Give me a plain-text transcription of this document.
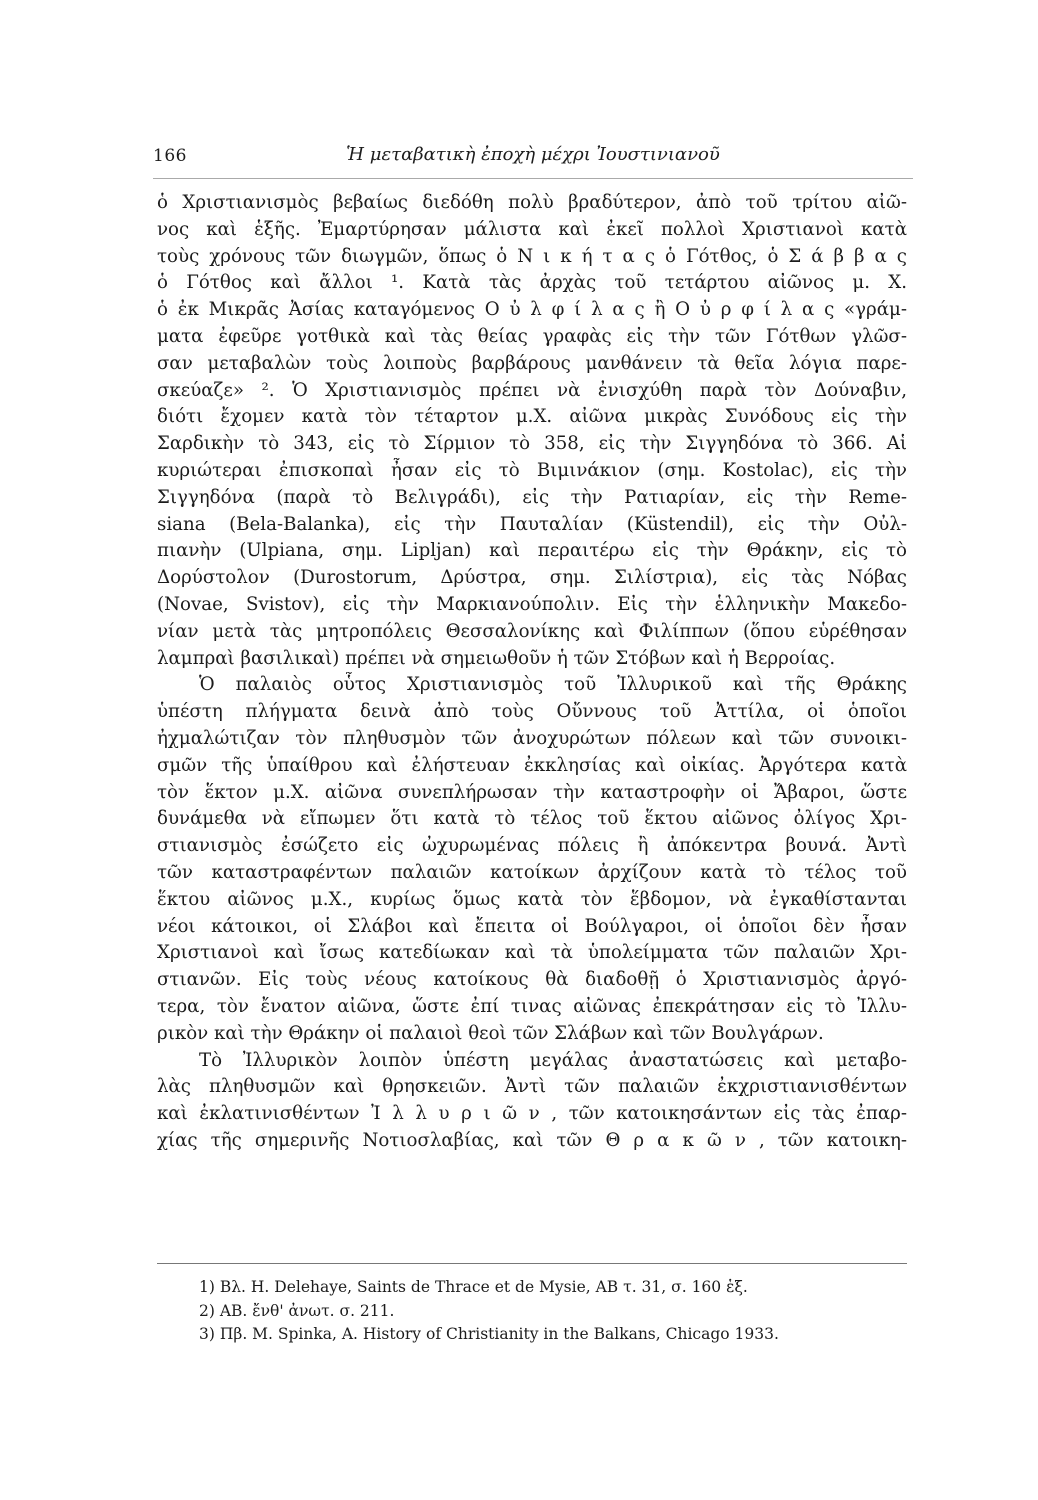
166	Ἡ μεταβατικὴ ἐποχὴ μέχρι Ἰουστινιανοῦ
ὁ Χριστιανισμὸς βεβαίως διεδόθη πολὺ βραδύτερον, ἀπὸ τοῦ τρίτου αἰῶ-
νος καὶ ἑξῆς. Ἐμαρτύρησαν μάλιστα καὶ ἐκεῖ πολλοὶ Χριστιανοὶ κατὰ
τοὺς χρόνους τῶν διωγμῶν, ὅπως ὁ Ν ι κ ή τ α ς ὁ Γότθος, ὁ Σ ά β β α ς
ὁ Γότθος καὶ ἄλλοι ¹. Κατὰ τὰς ἀρχὰς τοῦ τετάρτου αἰῶνος μ. Χ.
ὁ ἐκ Μικρᾶς Ἀσίας καταγόμενος Ο ὐ λ φ ί λ α ς ἢ Ο ὐ ρ φ ί λ α ς «γράμ-
ματα ἐφεῦρε γοτθικὰ καὶ τὰς θείας γραφὰς εἰς τὴν τῶν Γότθων γλῶσ-
σαν μεταβαλὼν τοὺς λοιποὺς βαρβάρους μανθάνειν τὰ θεῖα λόγια παρε-
σκεύαζε» ². Ὁ Χριστιανισμὸς πρέπει νὰ ἐνισχύθη παρὰ τὸν Δούναβιν,
διότι ἔχομεν κατὰ τὸν τέταρτον μ.Χ. αἰῶνα μικρὰς Συνόδους εἰς τὴν
Σαρδικὴν τὸ 343, εἰς τὸ Σίρμιον τὸ 358, εἰς τὴν Σιγγηδόνα τὸ 366. Αἱ
κυριώτεραι ἐπισκοπαὶ ἦσαν εἰς τὸ Βιμινάκιον (σημ. Kostolac), εἰς τὴν
Σιγγηδόνα (παρὰ τὸ Βελιγράδι), εἰς τὴν Ρατιαρίαν, εἰς τὴν Reme-
siana (Bela-Balanka), εἰς τὴν Παυταλίαν (Küstendil), εἰς τὴν Οὐλ-
πιανὴν (Ulpiana, σημ. Lipljan) καὶ περαιτέρω εἰς τὴν Θράκην, εἰς τὸ
Δορύστολον (Durostorum, Δρύστρα, σημ. Σιλίστρια), εἰς τὰς Νόβας
(Novae, Svistov), εἰς τὴν Μαρκιανούπολιν. Εἰς τὴν ἑλληνικὴν Μακεδο-
νίαν μετὰ τὰς μητροπόλεις Θεσσαλονίκης καὶ Φιλίππων (ὅπου εὑρέθησαν
λαμπραὶ βασιλικαὶ) πρέπει νὰ σημειωθοῦν ἡ τῶν Στόβων καὶ ἡ Βερροίας.
Ὁ παλαιὸς οὗτος Χριστιανισμὸς τοῦ Ἰλλυρικοῦ καὶ τῆς Θράκης
ὑπέστη πλήγματα δεινὰ ἀπὸ τοὺς Οὔννους τοῦ Ἀττίλα, οἱ ὁποῖοι
ἠχμαλώτιζαν τὸν πληθυσμὸν τῶν ἀνοχυρώτων πόλεων καὶ τῶν συνοικι-
σμῶν τῆς ὑπαίθρου καὶ ἐλήστευαν ἐκκλησίας καὶ οἰκίας. Ἀργότερα κατὰ
τὸν ἕκτον μ.Χ. αἰῶνα συνεπλήρωσαν τὴν καταστροφὴν οἱ Ἄβαροι, ὥστε
δυνάμεθα νὰ εἴπωμεν ὅτι κατὰ τὸ τέλος τοῦ ἕκτου αἰῶνος ὀλίγος Χρι-
στιανισμὸς ἐσώζετο εἰς ὠχυρωμένας πόλεις ἢ ἀπόκεντρα βουνά. Ἀντὶ
τῶν καταστραφέντων παλαιῶν κατοίκων ἀρχίζουν κατὰ τὸ τέλος τοῦ
ἕκτου αἰῶνος μ.Χ., κυρίως ὅμως κατὰ τὸν ἕβδομον, νὰ ἐγκαθίστανται
νέοι κάτοικοι, οἱ Σλάβοι καὶ ἔπειτα οἱ Βούλγαροι, οἱ ὁποῖοι δὲν ἦσαν
Χριστιανοὶ καὶ ἴσως κατεδίωκαν καὶ τὰ ὑπολείμματα τῶν παλαιῶν Χρι-
στιανῶν. Εἰς τοὺς νέους κατοίκους θὰ διαδοθῇ ὁ Χριστιανισμὸς ἀργό-
τερα, τὸν ἔνατον αἰῶνα, ὥστε ἐπί τινας αἰῶνας ἐπεκράτησαν εἰς τὸ Ἰλλυ-
ρικὸν καὶ τὴν Θράκην οἱ παλαιοὶ θεοὶ τῶν Σλάβων καὶ τῶν Βουλγάρων.
Τὸ Ἰλλυρικὸν λοιπὸν ὑπέστη μεγάλας ἀναστατώσεις καὶ μεταβο-
λὰς πληθυσμῶν καὶ θρησκειῶν. Ἀντὶ τῶν παλαιῶν ἐκχριστιανισθέντων
καὶ ἐκλατινισθέντων Ἰ λ λ υ ρ ι ῶ ν , τῶν κατοικησάντων εἰς τὰς ἐπαρ-
χίας τῆς σημερινῆς Νοτιοσλαβίας, καὶ τῶν Θ ρ α κ ῶ ν , τῶν κατοικη-
1) Βλ. H. Delehaye, Saints de Thrace et de Mysie, AB τ. 31, σ. 160 ἑξ.
2) AB. ἔνθ' ἀνωτ. σ. 211.
3) Πβ. M. Spinka, A. History of Christianity in the Balkans, Chicago 1933.
